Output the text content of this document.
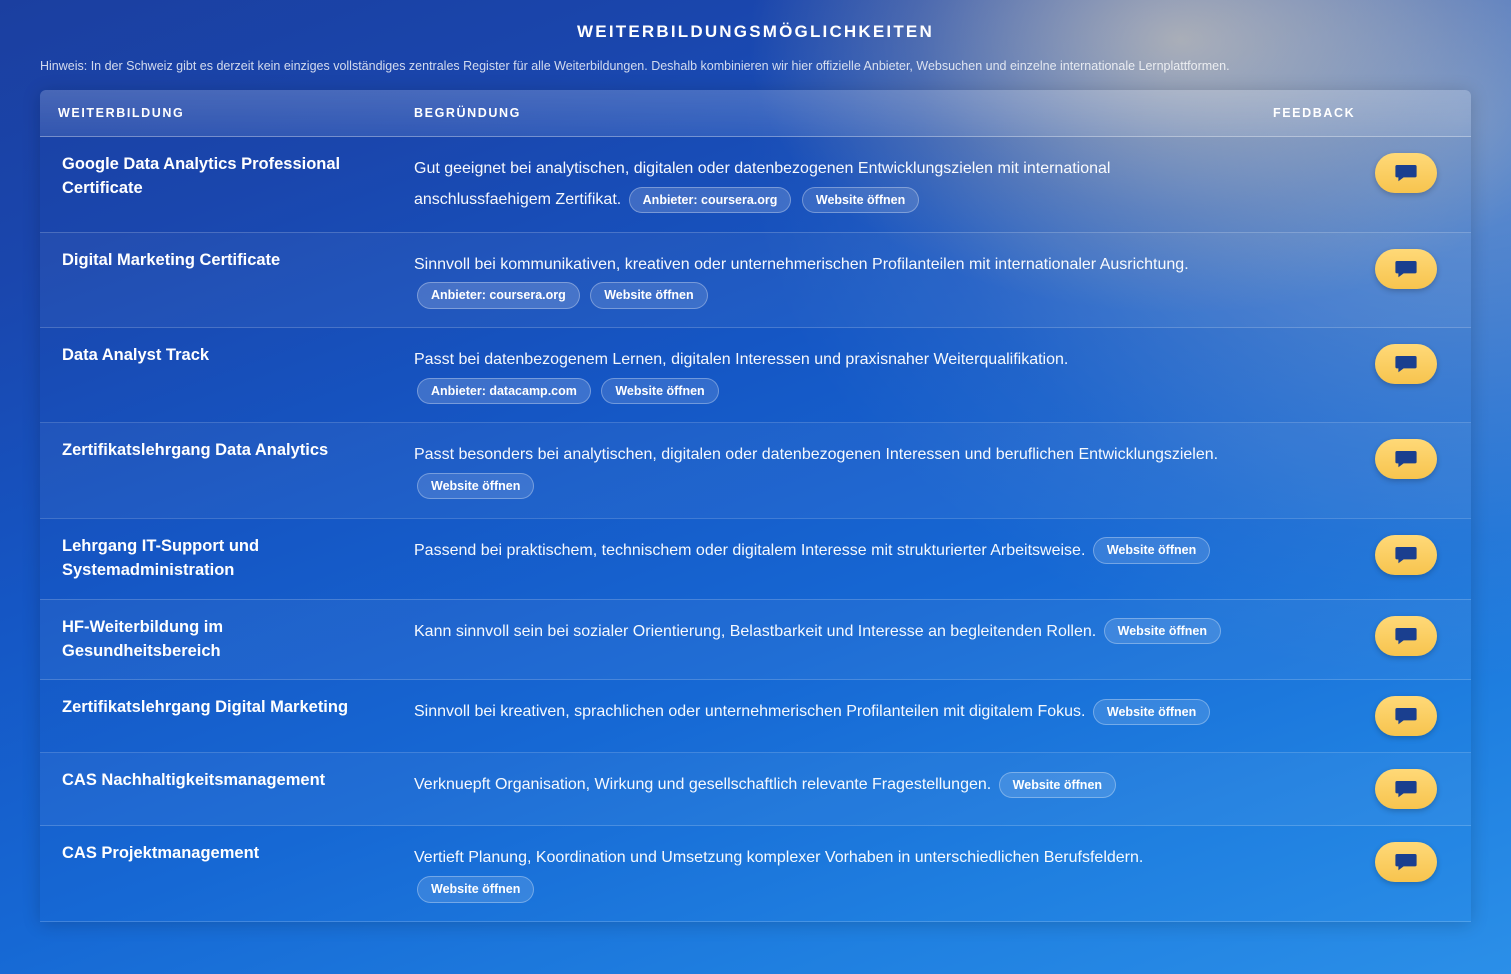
WEITERBILDUNGSMÖGLICHKEITEN
Hinweis: In der Schweiz gibt es derzeit kein einziges vollständiges zentrales Register für alle Weiterbildungen. Deshalb kombinieren wir hier offizielle Anbieter, Websuchen und einzelne internationale Lernplattformen.
WEITERBILDUNG	BEGRÜNDUNG	FEEDBACK
Google Data Analytics Professional Certificate	Gut geeignet bei analytischen, digitalen oder datenbezogenen Entwicklungszielen mit international anschlussfaehigem Zertifikat. Anbieter: coursera.org Website öffnen	

Digital Marketing Certificate	Sinnvoll bei kommunikativen, kreativen oder unternehmerischen Profilanteilen mit internationaler Ausrichtung. Anbieter: coursera.org Website öffnen	

Data Analyst Track	Passt bei datenbezogenem Lernen, digitalen Interessen und praxisnaher Weiterqualifikation. Anbieter: datacamp.com Website öffnen	

Zertifikatslehrgang Data Analytics	Passt besonders bei analytischen, digitalen oder datenbezogenen Interessen und beruflichen Entwicklungszielen. Website öffnen	

Lehrgang IT-Support und Systemadministration	Passend bei praktischem, technischem oder digitalem Interesse mit strukturierter Arbeitsweise. Website öffnen	

HF-Weiterbildung im Gesundheitsbereich	Kann sinnvoll sein bei sozialer Orientierung, Belastbarkeit und Interesse an begleitenden Rollen. Website öffnen	

Zertifikatslehrgang Digital Marketing	Sinnvoll bei kreativen, sprachlichen oder unternehmerischen Profilanteilen mit digitalem Fokus. Website öffnen	

CAS Nachhaltigkeitsmanagement	Verknuepft Organisation, Wirkung und gesellschaftlich relevante Fragestellungen. Website öffnen	

CAS Projektmanagement	Vertieft Planung, Koordination und Umsetzung komplexer Vorhaben in unterschiedlichen Berufsfeldern. Website öffnen	
